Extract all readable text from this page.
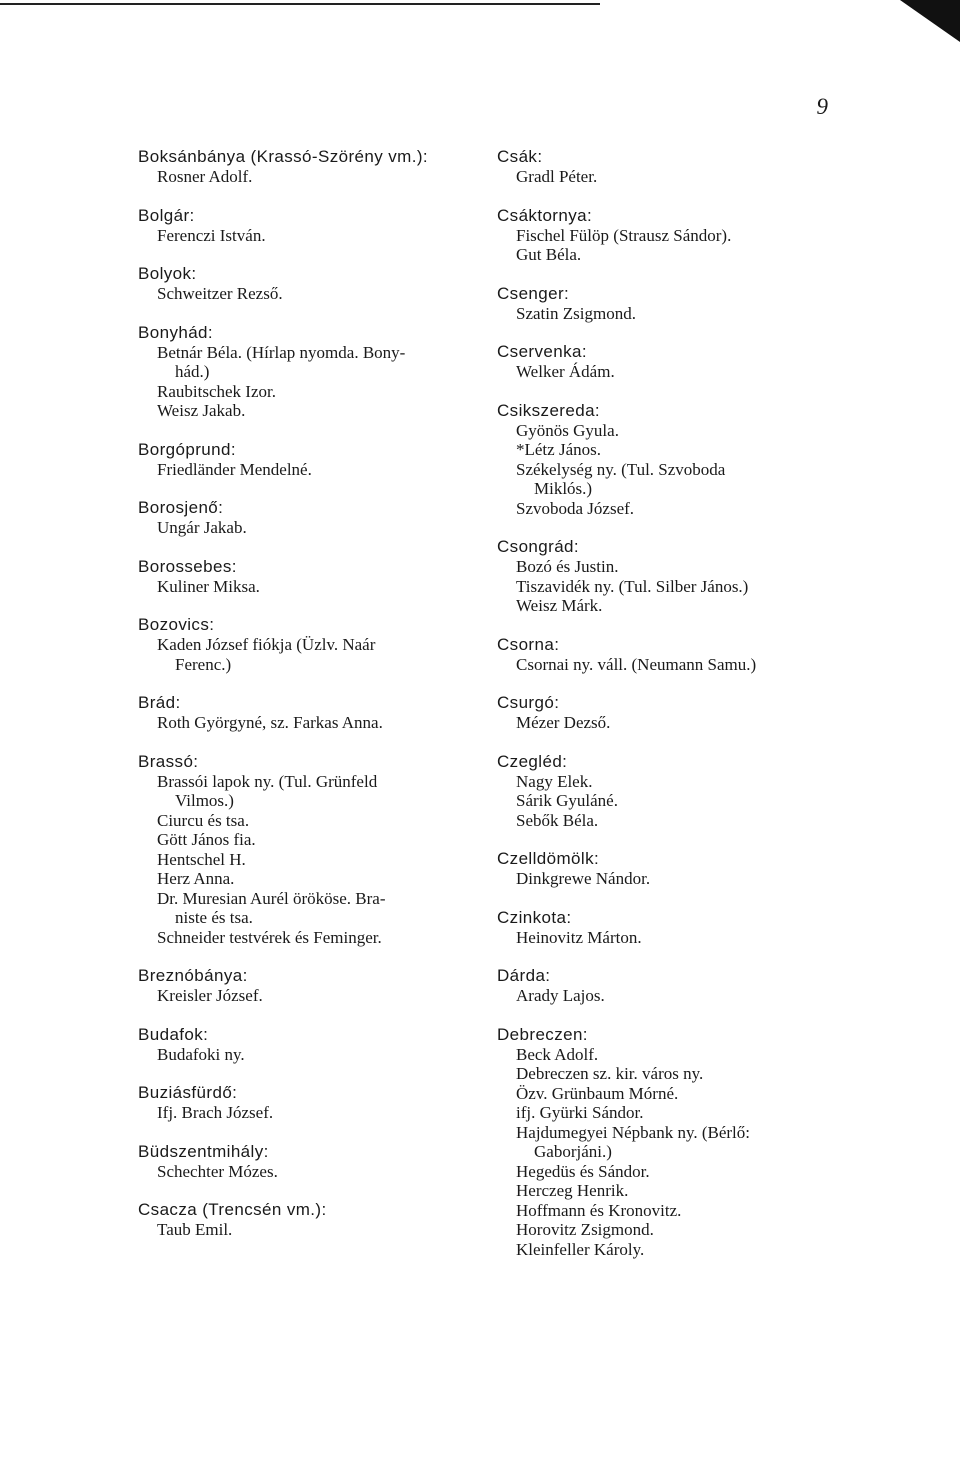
9
Boksánbánya (Krassó-Szörény vm.):
Rosner Adolf.
Bolgár:
Ferenczi István.
Bolyok:
Schweitzer Rezső.
Bonyhád:
Betnár Béla. (Hírlap nyomda. Bony-
hád.)
Raubitschek Izor.
Weisz Jakab.
Borgóprund:
Friedländer Mendelné.
Borosjenő:
Ungár Jakab.
Borossebes:
Kuliner Miksa.
Bozovics:
Kaden József fiókja (Üzlv. Naár
Ferenc.)
Brád:
Roth Györgyné, sz. Farkas Anna.
Brassó:
Brassói lapok ny. (Tul. Grünfeld
Vilmos.)
Ciurcu és tsa.
Gött János fia.
Hentschel H.
Herz Anna.
Dr. Muresian Aurél örököse. Bra-
niste és tsa.
Schneider testvérek és Feminger.
Breznóbánya:
Kreisler József.
Budafok:
Budafoki ny.
Buziásfürdő:
Ifj. Brach József.
Büdszentmihály:
Schechter Mózes.
Csacza (Trencsén vm.):
Taub Emil.
Csák:
Gradl Péter.
Csáktornya:
Fischel Fülöp (Strausz Sándor).
Gut Béla.
Csenger:
Szatin Zsigmond.
Cservenka:
Welker Ádám.
Csikszereda:
Gyönös Gyula.
*Létz János.
Székelység ny. (Tul. Szvoboda
Miklós.)
Szvoboda József.
Csongrád:
Bozó és Justin.
Tiszavidék ny. (Tul. Silber János.)
Weisz Márk.
Csorna:
Csornai ny. váll. (Neumann Samu.)
Csurgó:
Mézer Dezső.
Czegléd:
Nagy Elek.
Sárik Gyuláné.
Sebők Béla.
Czelldömölk:
Dinkgrewe Nándor.
Czinkota:
Heinovitz Márton.
Dárda:
Arady Lajos.
Debreczen:
Beck Adolf.
Debreczen sz. kir. város ny.
Özv. Grünbaum Mórné.
ifj. Gyürki Sándor.
Hajdumegyei Népbank ny. (Bérlő:
Gaborjáni.)
Hegedüs és Sándor.
Herczeg Henrik.
Hoffmann és Kronovitz.
Horovitz Zsigmond.
Kleinfeller Károly.
